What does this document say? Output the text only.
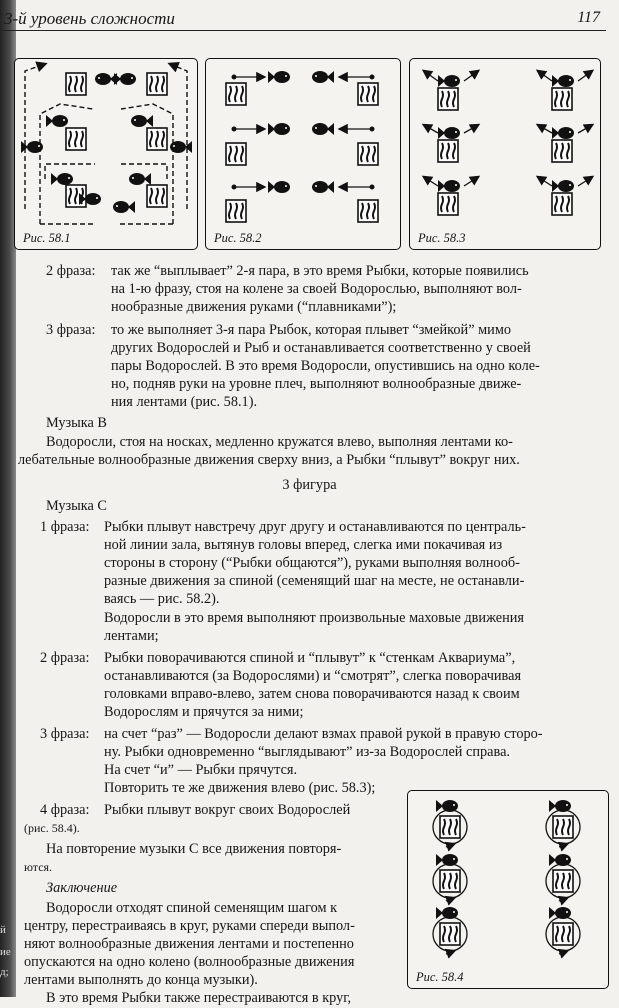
й
ие
д;
3-й уровень сложности	117
Рис. 58.1	Рис. 58.2	Рис. 58.3
2 фраза: так же “выплывает” 2-я пара, в это время Рыбки, которые появились
на 1-ю фразу, стоя на колене за своей Водорослью, выполняют вол-
нообразные движения руками (“плавниками”);
3 фраза: то же выполняет 3-я пара Рыбок, которая плывет “змейкой” мимо
других Водорослей и Рыб и останавливается соответственно у своей
пары Водорослей. В это время Водоросли, опустившись на одно коле-
но, подняв руки на уровне плеч, выполняют волнообразные движе-
ния лентами (рис. 58.1).
Музыка В
Водоросли, стоя на носках, медленно кружатся влево, выполняя лентами ко-
лебательные волнообразные движения сверху вниз, а Рыбки “плывут” вокруг них.
3 фигура
Музыка С
1 фраза: Рыбки плывут навстречу друг другу и останавливаются по централь-
ной линии зала, вытянув головы вперед, слегка ими покачивая из
стороны в сторону (“Рыбки общаются”), руками выполняя волнооб-
разные движения за спиной (семенящий шаг на месте, не останавли-
ваясь — рис. 58.2).
Водоросли в это время выполняют произвольные маховые движения
лентами;
2 фраза: Рыбки поворачиваются спиной и “плывут” к “стенкам Аквариума”,
останавливаются (за Водорослями) и “смотрят”, слегка поворачивая
головками вправо-влево, затем снова поворачиваются назад к своим
Водорослям и прячутся за ними;
3 фраза: на счет “раз” — Водоросли делают взмах правой рукой в правую сторо-
ну. Рыбки одновременно “выглядывают” из-за Водорослей справа.
На счет “и” — Рыбки прячутся.
Повторить те же движения влево (рис. 58.3);
4 фраза: Рыбки плывут вокруг своих Водорослей
(рис. 58.4).
На повторение музыки С все движения повторя-
ются.
Заключение
Водоросли отходят спиной семенящим шагом к
центру, перестраиваясь в круг, руками спереди выпол-
няют волнообразные движения лентами и постепенно
опускаются на одно колено (волнообразные движения
лентами выполнять до конца музыки).
В это время Рыбки также перестраиваются в круг,
Рис. 58.4
